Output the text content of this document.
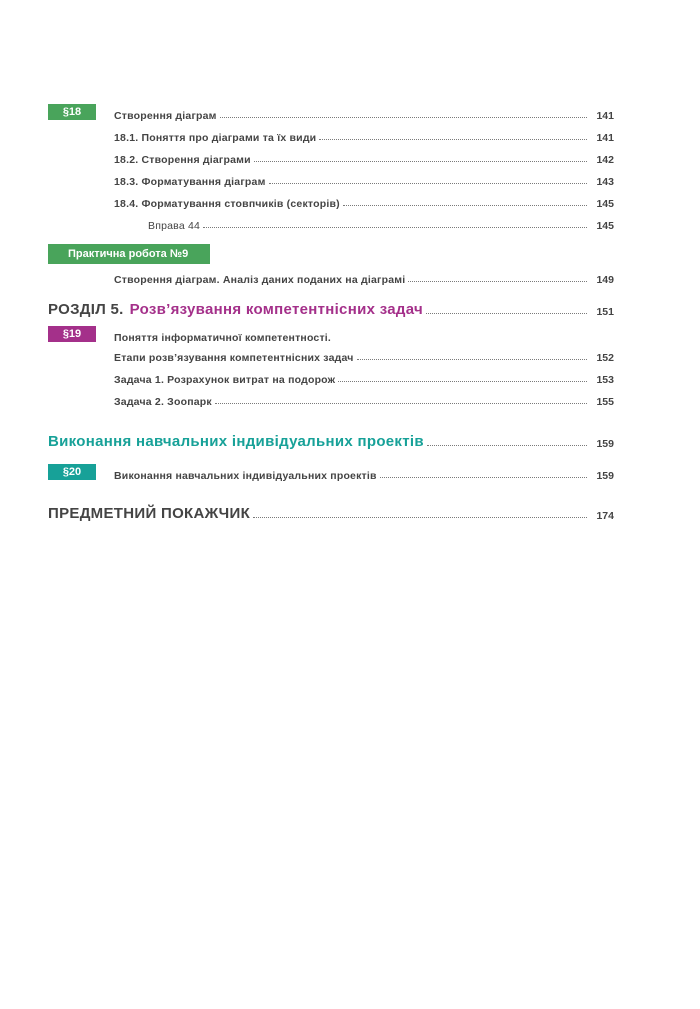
§18	Створення діаграм	141
18.1. Поняття про діаграми та їх види	141
18.2. Створення діаграми	142
18.3. Форматування діаграм	143
18.4. Форматування стовпчиків (секторів)	145
Вправа 44	145
Практична робота №9
Створення діаграм. Аналіз даних поданих на діаграмі	149
РОЗДІЛ 5. Розв’язування компетентнісних задач	151
§19	Поняття інформатичної компетентності.
Етапи розв’язування компетентнісних задач	152
Задача 1. Розрахунок витрат на подорож	153
Задача 2. Зоопарк	155
Виконання навчальних індивідуальних проектів	159
§20	Виконання навчальних індивідуальних проектів	159
ПРЕДМЕТНИЙ ПОКАЖЧИК	174
